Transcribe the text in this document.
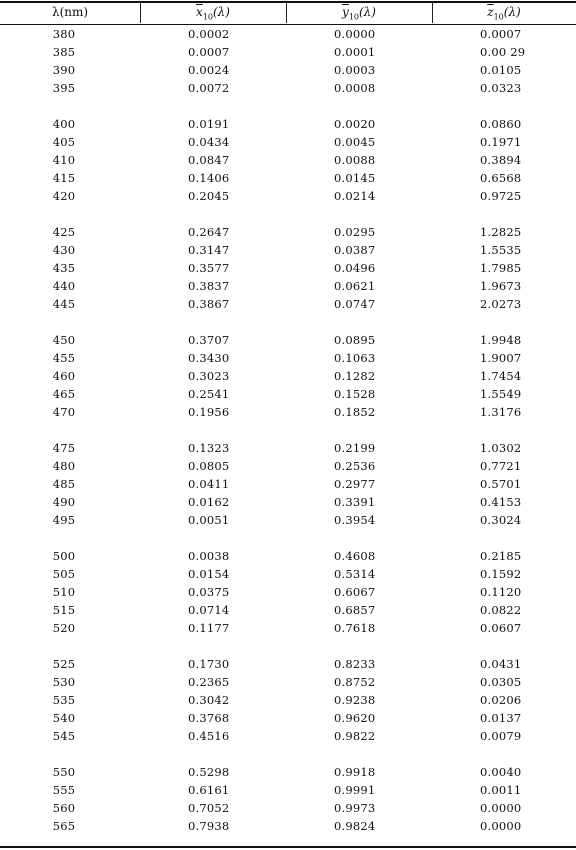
λ(nm)	$\overline{x}_{10}(\lambda)$	$\overline{y}_{10}(\lambda)$	$\overline{z}_{10}(\lambda)$
380	0.0002	0.0000	0.0007
385	0.0007	0.0001	0.00 29
390	0.0024	0.0003	0.0105
395	0.0072	0.0008	0.0323
400	0.0191	0.0020	0.0860
405	0.0434	0.0045	0.1971
410	0.0847	0.0088	0.3894
415	0.1406	0.0145	0.6568
420	0.2045	0.0214	0.9725
425	0.2647	0.0295	1.2825
430	0.3147	0.0387	1.5535
435	0.3577	0.0496	1.7985
440	0.3837	0.0621	1.9673
445	0.3867	0.0747	2.0273
450	0.3707	0.0895	1.9948
455	0.3430	0.1063	1.9007
460	0.3023	0.1282	1.7454
465	0.2541	0.1528	1.5549
470	0.1956	0.1852	1.3176
475	0.1323	0.2199	1.0302
480	0.0805	0.2536	0.7721
485	0.0411	0.2977	0.5701
490	0.0162	0.3391	0.4153
495	0.0051	0.3954	0.3024
500	0.0038	0.4608	0.2185
505	0.0154	0.5314	0.1592
510	0.0375	0.6067	0.1120
515	0.0714	0.6857	0.0822
520	0.1177	0.7618	0.0607
525	0.1730	0.8233	0.0431
530	0.2365	0.8752	0.0305
535	0.3042	0.9238	0.0206
540	0.3768	0.9620	0.0137
545	0.4516	0.9822	0.0079
550	0.5298	0.9918	0.0040
555	0.6161	0.9991	0.0011
560	0.7052	0.9973	0.0000
565	0.7938	0.9824	0.0000
